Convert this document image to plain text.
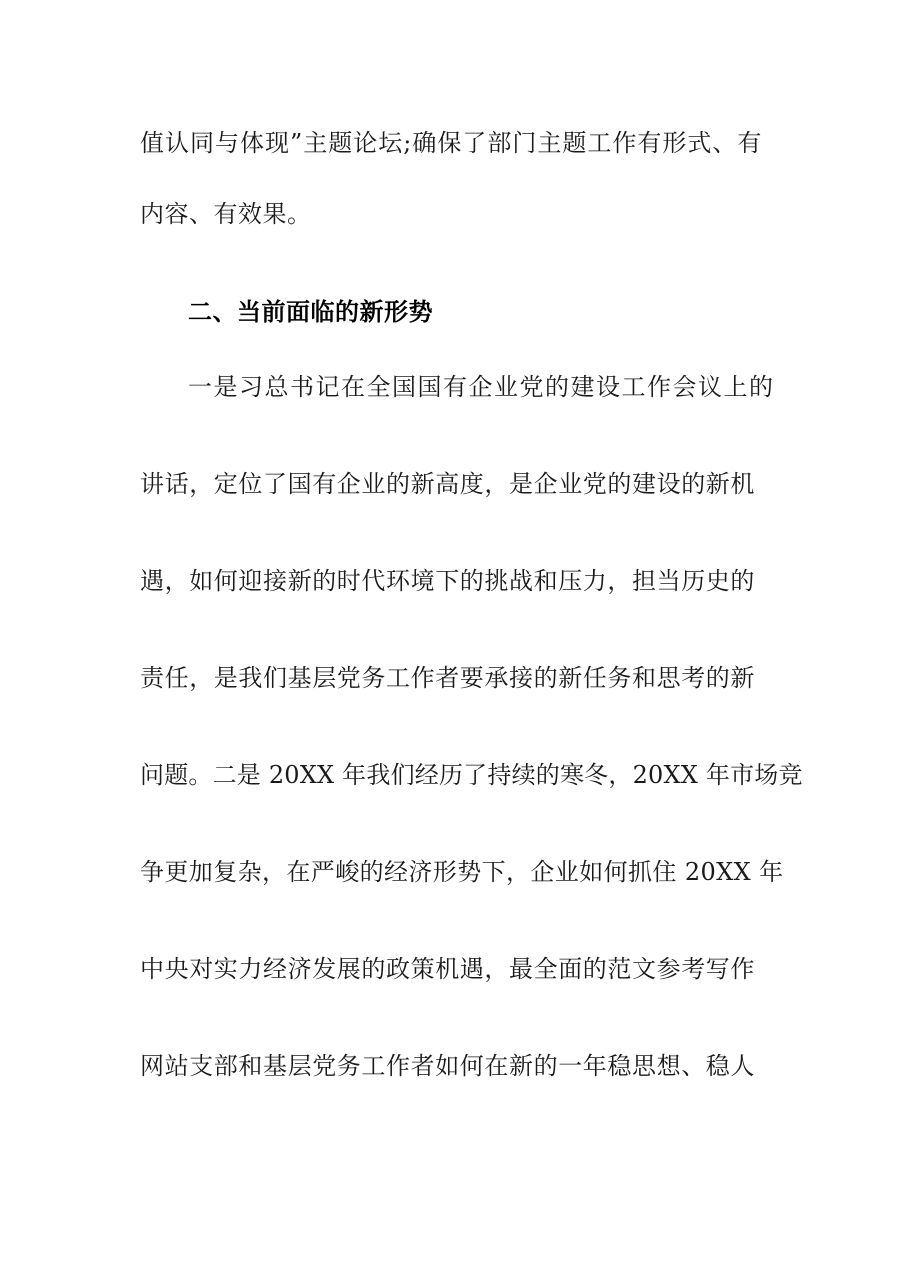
值认同与体现”主题论坛;确保了部门主题工作有形式、有
内容、有效果。
二、当前面临的新形势
一是习总书记在全国国有企业党的建设工作会议上的
讲话，定位了国有企业的新高度，是企业党的建设的新机
遇，如何迎接新的时代环境下的挑战和压力，担当历史的
责任，是我们基层党务工作者要承接的新任务和思考的新
问题。二是 20XX 年我们经历了持续的寒冬，20XX 年市场竞
争更加复杂，在严峻的经济形势下，企业如何抓住 20XX 年
中央对实力经济发展的政策机遇，最全面的范文参考写作
网站支部和基层党务工作者如何在新的一年稳思想、稳人
